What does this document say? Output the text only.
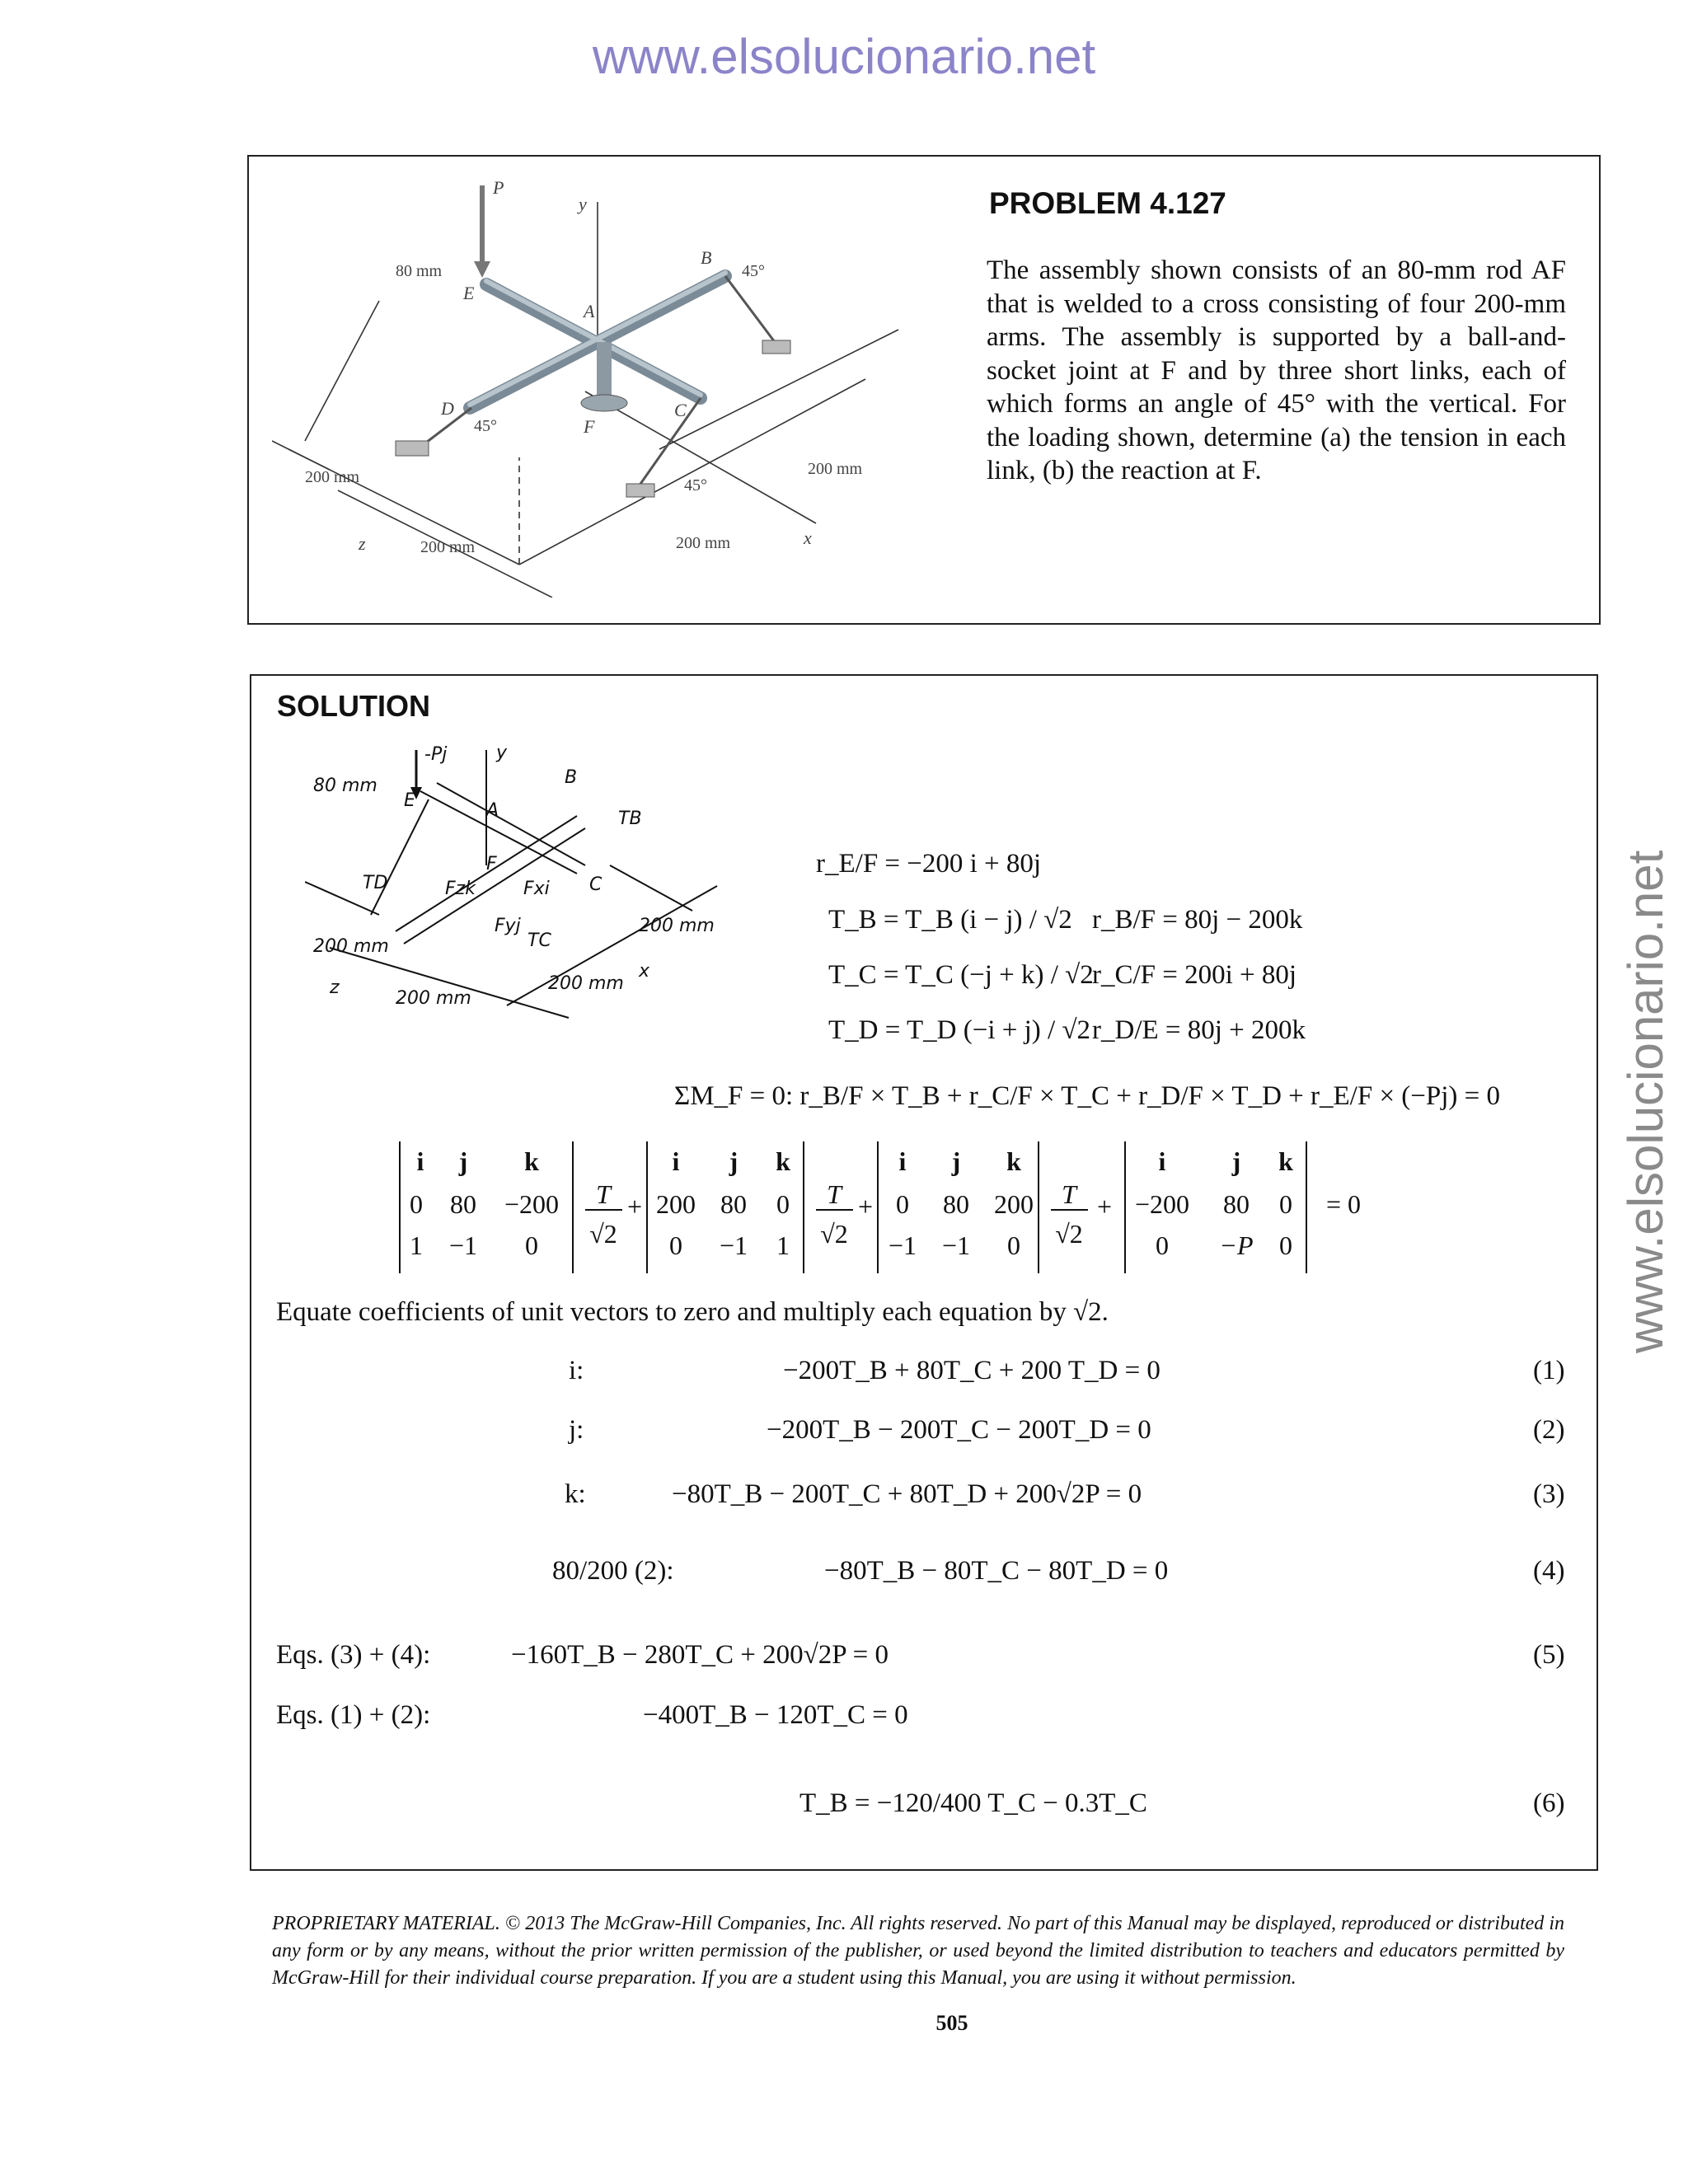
www.elsolucionario.net
www.elsolucionario.net
P
y
B
E
A
D	C
F
z	x
80 mm	45°
45°
45°
200 mm
200 mm	200 mm
200 mm
PROBLEM 4.127
The assembly shown consists of an 80-mm rod AF that is welded to a cross consisting of four 200-mm arms. The assembly is supported by a ball-and-socket joint at F and by three short links, each of which forms an angle of 45° with the vertical. For the loading shown, determine (a) the tension in each link, (b) the reaction at F.
SOLUTION
-Pj	y
B
TB
80 mm
E	A
F
C
TD
TC
Fzk	Fxi
Fyj	200 mm
200 mm
200 mm
200 mm
x
z
r_E/F = −200 i + 80j
T_B = T_B (i − j) / √2 r_B/F = 80j − 200k
T_C = T_C (−j + k) / √2
r_C/F = 200i + 80j
T_D = T_D (−i + j) / √2 r_D/E = 80j + 200k
ΣM_F = 0: r_B/F × T_B + r_C/F × T_C + r_D/F × T_D + r_E/F × (−Pj) = 0
i j k
0 80 −200
1 −1 0
T
√2
+
i j k
200 80 0
0 −1 1
T
√2
+
i j k
0 80 200
−1 −1 0
T
√2
+
i	j k
−200 80 0
0 −P 0
= 0
Equate coefficients of unit vectors to zero and multiply each equation by √2.
i:	−200T_B + 80T_C + 200 T_D = 0	(1)
j:	−200T_B − 200T_C − 200T_D = 0	(2)
k:	−80T_B − 200T_C + 80T_D + 200√2P = 0	(3)
80/200 (2):	−80T_B − 80T_C − 80T_D = 0	(4)
Eqs. (3) + (4):	−160T_B − 280T_C + 200√2P = 0	(5)
Eqs. (1) + (2):	−400T_B − 120T_C = 0
T_B = −120/400 T_C − 0.3T_C	(6)
PROPRIETARY MATERIAL. © 2013 The McGraw-Hill Companies, Inc. All rights reserved. No part of this Manual may be displayed, reproduced or distributed in any form or by any means, without the prior written permission of the publisher, or used beyond the limited distribution to teachers and educators permitted by McGraw-Hill for their individual course preparation. If you are a student using this Manual, you are using it without permission.
505
